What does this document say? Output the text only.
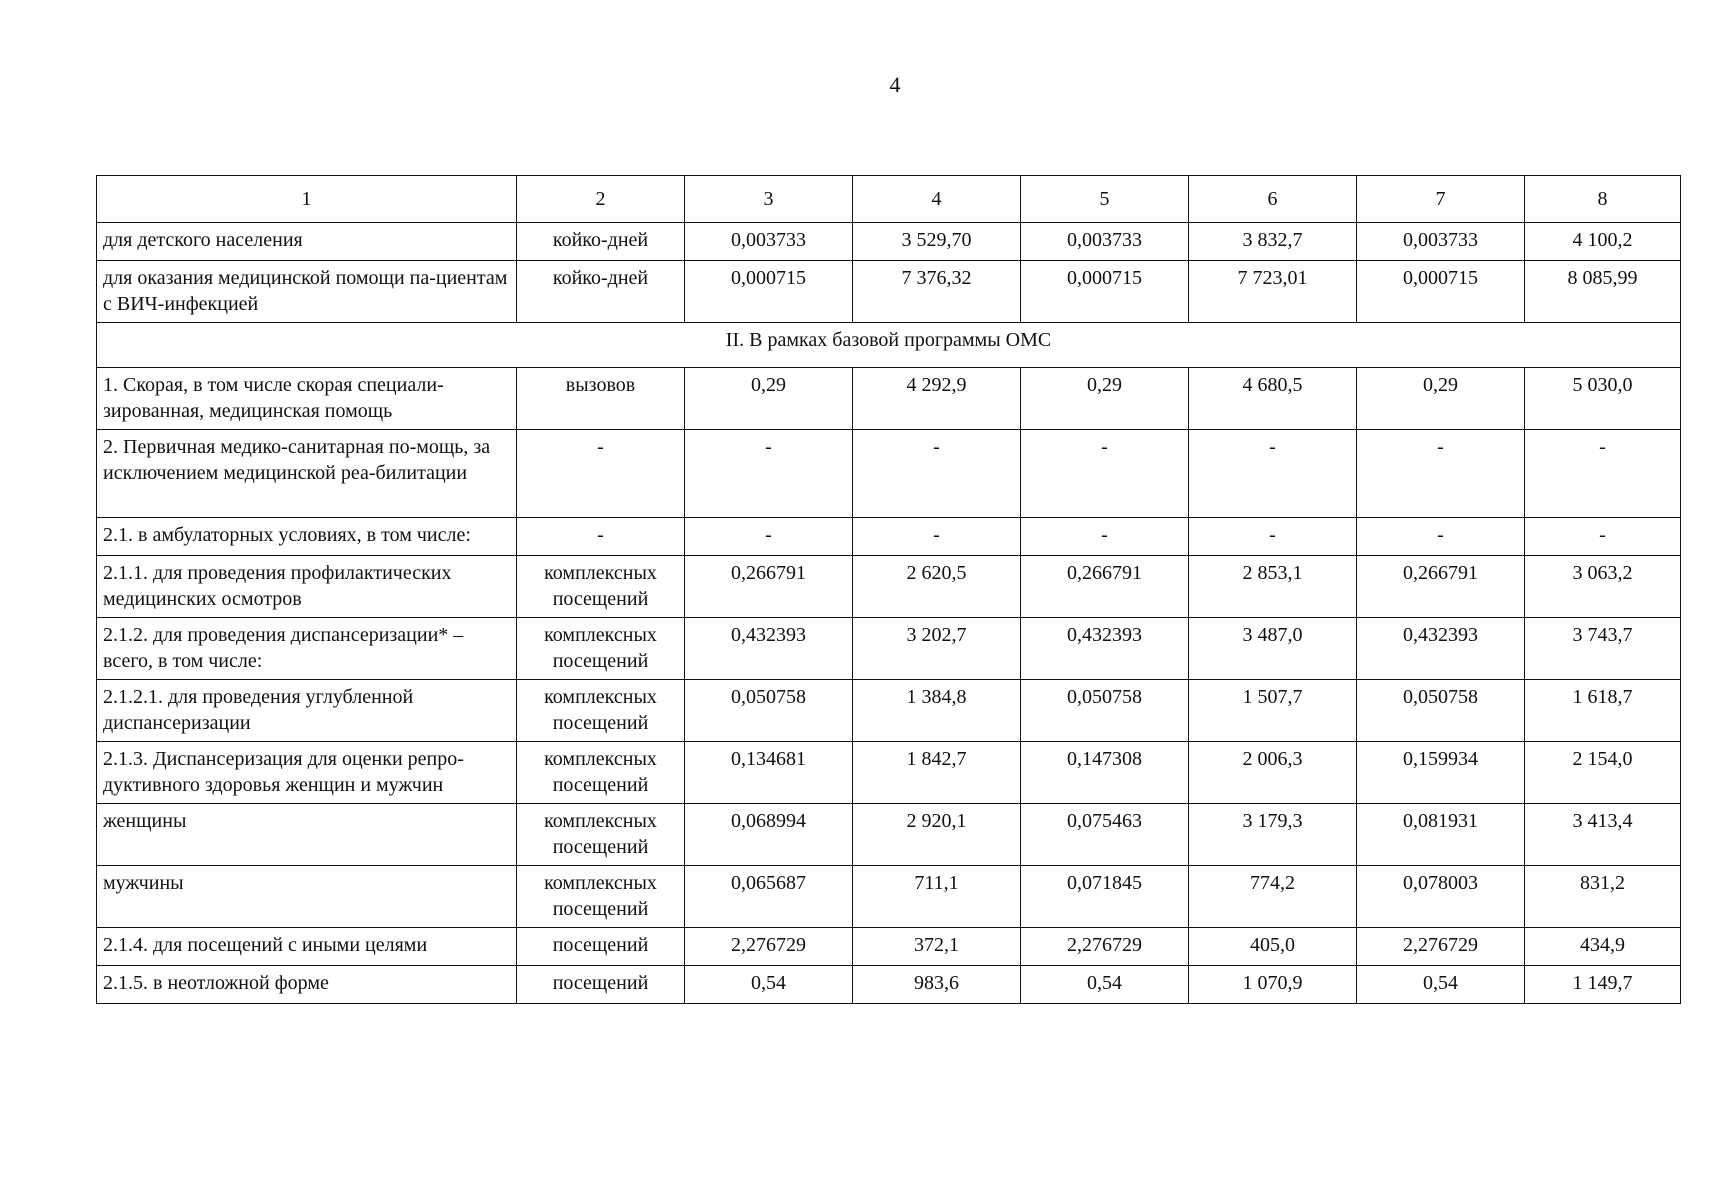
4
1	2	3	4	5	6	7	8
для детского населения	койко-дней	0,003733	3 529,70	0,003733	3 832,7	0,003733	4 100,2
для оказания медицинской помощи па-циентам с ВИЧ-инфекцией	койко-дней	0,000715	7 376,32	0,000715	7 723,01	0,000715	8 085,99
II. В рамках базовой программы ОМС							
1. Скорая, в том числе скорая специали-зированная, медицинская помощь	вызовов	0,29	4 292,9	0,29	4 680,5	0,29	5 030,0
2. Первичная медико-санитарная по-мощь, за исключением медицинской реа-билитации	-	-	-	-	-	-	-
2.1. в амбулаторных условиях, в том числе:	-	-	-	-	-	-	-
2.1.1. для проведения профилактических медицинских осмотров	комплексных посещений	0,266791	2 620,5	0,266791	2 853,1	0,266791	3 063,2
2.1.2. для проведения диспансеризации* – всего, в том числе:	комплексных посещений	0,432393	3 202,7	0,432393	3 487,0	0,432393	3 743,7
2.1.2.1. для проведения углубленной диспансеризации	комплексных посещений	0,050758	1 384,8	0,050758	1 507,7	0,050758	1 618,7
2.1.3. Диспансеризация для оценки репро-дуктивного здоровья женщин и мужчин	комплексных посещений	0,134681	1 842,7	0,147308	2 006,3	0,159934	2 154,0
женщины	комплексных посещений	0,068994	2 920,1	0,075463	3 179,3	0,081931	3 413,4
мужчины	комплексных посещений	0,065687	711,1	0,071845	774,2	0,078003	831,2
2.1.4. для посещений с иными целями	посещений	2,276729	372,1	2,276729	405,0	2,276729	434,9
2.1.5. в неотложной форме	посещений	0,54	983,6	0,54	1 070,9	0,54	1 149,7
